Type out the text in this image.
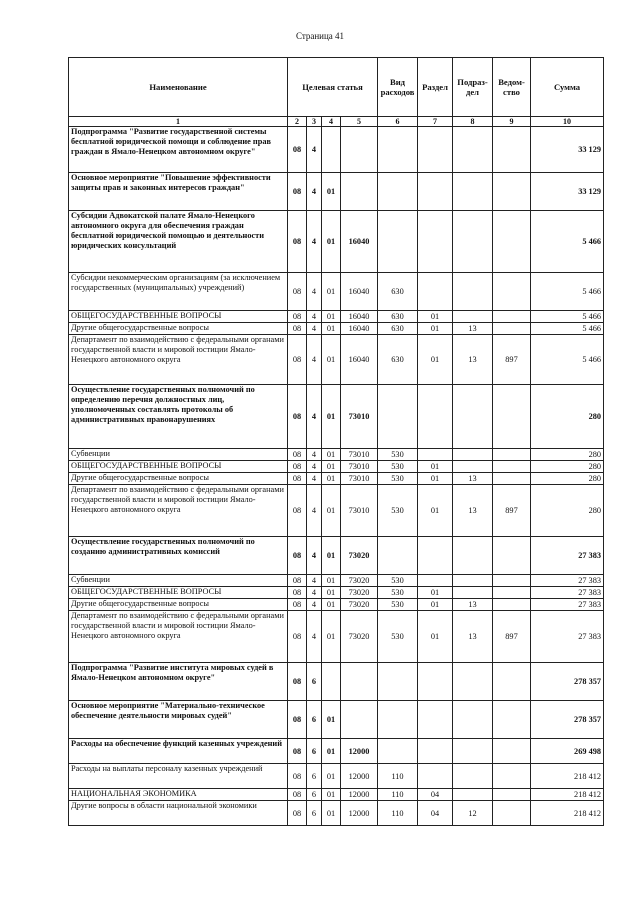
Страница 41
Наименование	Целевая статья				Вид расходов	Раздел	Подраз-дел	Ведом-ство	Сумма
1	2	3	4	5	6	7	8	9	10
Подпрограмма "Развитие государственной системы бесплатной юридической помощи и соблюдение прав граждан в Ямало-Ненецком автономном округе"	08	4							33 129
Основное мероприятие "Повышение эффективности защиты прав и законных интересов граждан"	08	4	01						33 129
Субсидии Адвокатской палате Ямало-Ненецкого автономного округа для обеспечения граждан бесплатной юридической помощью и деятельности юридических консультаций	08	4	01	16040					5 466
Субсидии некоммерческим организациям (за исключением государственных (муниципальных) учреждений)	08	4	01	16040	630				5 466
ОБЩЕГОСУДАРСТВЕННЫЕ ВОПРОСЫ	08	4	01	16040	630	01			5 466
Другие общегосударственные вопросы	08	4	01	16040	630	01	13		5 466
Департамент по взаимодействию с федеральными органами государственной власти и мировой юстиции Ямало-Ненецкого автономного округа	08	4	01	16040	630	01	13	897	5 466
Осуществление государственных полномочий по определению перечня должностных лиц, уполномоченных составлять протоколы об административных правонарушениях	08	4	01	73010					280
Субвенции	08	4	01	73010	530				280
ОБЩЕГОСУДАРСТВЕННЫЕ ВОПРОСЫ	08	4	01	73010	530	01			280
Другие общегосударственные вопросы	08	4	01	73010	530	01	13		280
Департамент по взаимодействию с федеральными органами государственной власти и мировой юстиции Ямало-Ненецкого автономного округа	08	4	01	73010	530	01	13	897	280
Осуществление государственных полномочий по созданию административных комиссий	08	4	01	73020					27 383
Субвенции	08	4	01	73020	530				27 383
ОБЩЕГОСУДАРСТВЕННЫЕ ВОПРОСЫ	08	4	01	73020	530	01			27 383
Другие общегосударственные вопросы	08	4	01	73020	530	01	13		27 383
Департамент по взаимодействию с федеральными органами государственной власти и мировой юстиции Ямало-Ненецкого автономного округа	08	4	01	73020	530	01	13	897	27 383
Подпрограмма "Развитие института мировых судей в Ямало-Ненецком автономном округе"	08	6							278 357
Основное мероприятие "Материально-техническое обеспечение деятельности мировых судей"	08	6	01						278 357
Расходы на обеспечение функций казенных учреждений	08	6	01	12000					269 498
Расходы на выплаты персоналу казенных учреждений	08	6	01	12000	110				218 412
НАЦИОНАЛЬНАЯ ЭКОНОМИКА	08	6	01	12000	110	04			218 412
Другие вопросы в области национальной экономики	08	6	01	12000	110	04	12		218 412
